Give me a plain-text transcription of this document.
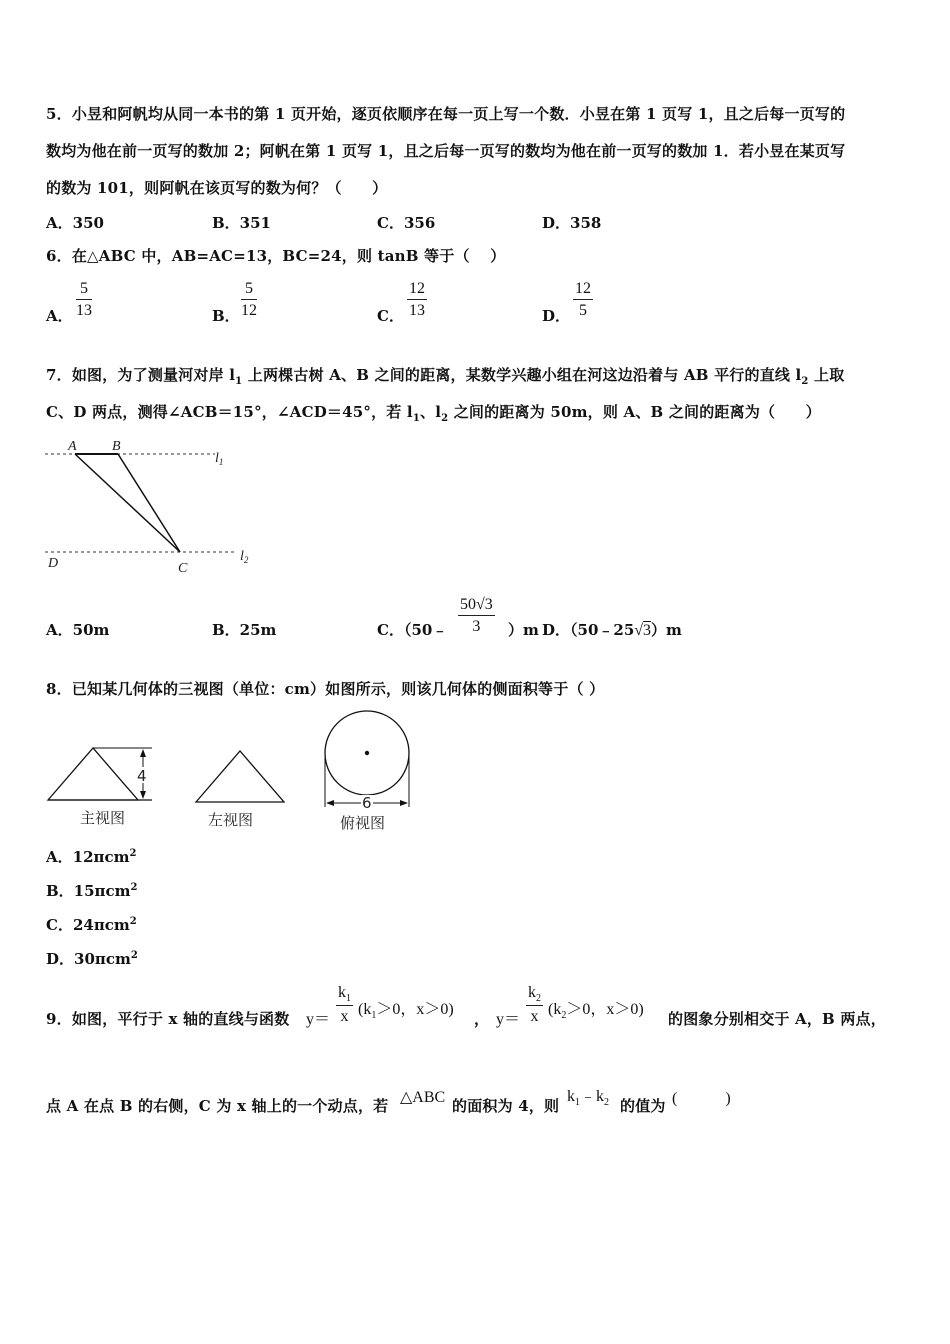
5．小昱和阿帆均从同一本书的第 1 页开始，逐页依顺序在每一页上写一个数．小昱在第 1 页写 1，且之后每一页写的
数均为他在前一页写的数加 2；阿帆在第 1 页写 1，且之后每一页写的数均为他在前一页写的数加 1．若小昱在某页写
的数为 101，则阿帆在该页写的数为何？（　　）
A．350	B．351	C．356	D．358
6．在△ABC 中，AB=AC=13，BC=24，则 tanB 等于（　 ）
A． $\frac{5}{13}$	B． $\frac{5}{12}$	C． $\frac{12}{13}$	D． $\frac{12}{5}$
7．如图，为了测量河对岸 $l_1$ 上两棵古树 A、B 之间的距离，某数学兴趣小组在河这边沿着与 AB 平行的直线 $l_2$ 上取
C、D 两点，测得∠ACB＝15°，∠ACD＝45°，若 $l_1$、$l_2$ 之间的距离为 50m，则 A、B 之间的距离为（　　）
A	B
C
D
$l_1$
$l_2$
A．50m	B．25m	C．（50﹣ $\frac{50√3}{3} )m$ D．（50﹣25√3）m
8．已知某几何体的三视图（单位：cm）如图所示，则该几何体的侧面积等于（ ）
4
主视图	左视图
6
俯视图
A．12πcm$^2$
B．15πcm$^2$
C．24πcm$^2$
D．30πcm$^2$
9．如图，平行于 x 轴的直线与函数 $y= \frac{k_1}{x} (k_1>0$，x＞0)
， $y= \frac{k_2}{x} (k_2>0$，x＞0)
的图象分别相交于 A，B 两点，
点 A 在点 B 的右侧，C 为 x 轴上的一个动点，若 △ABC 的面积为 4，则
$k_1﹣k_2$ 的值为 (　　　)
